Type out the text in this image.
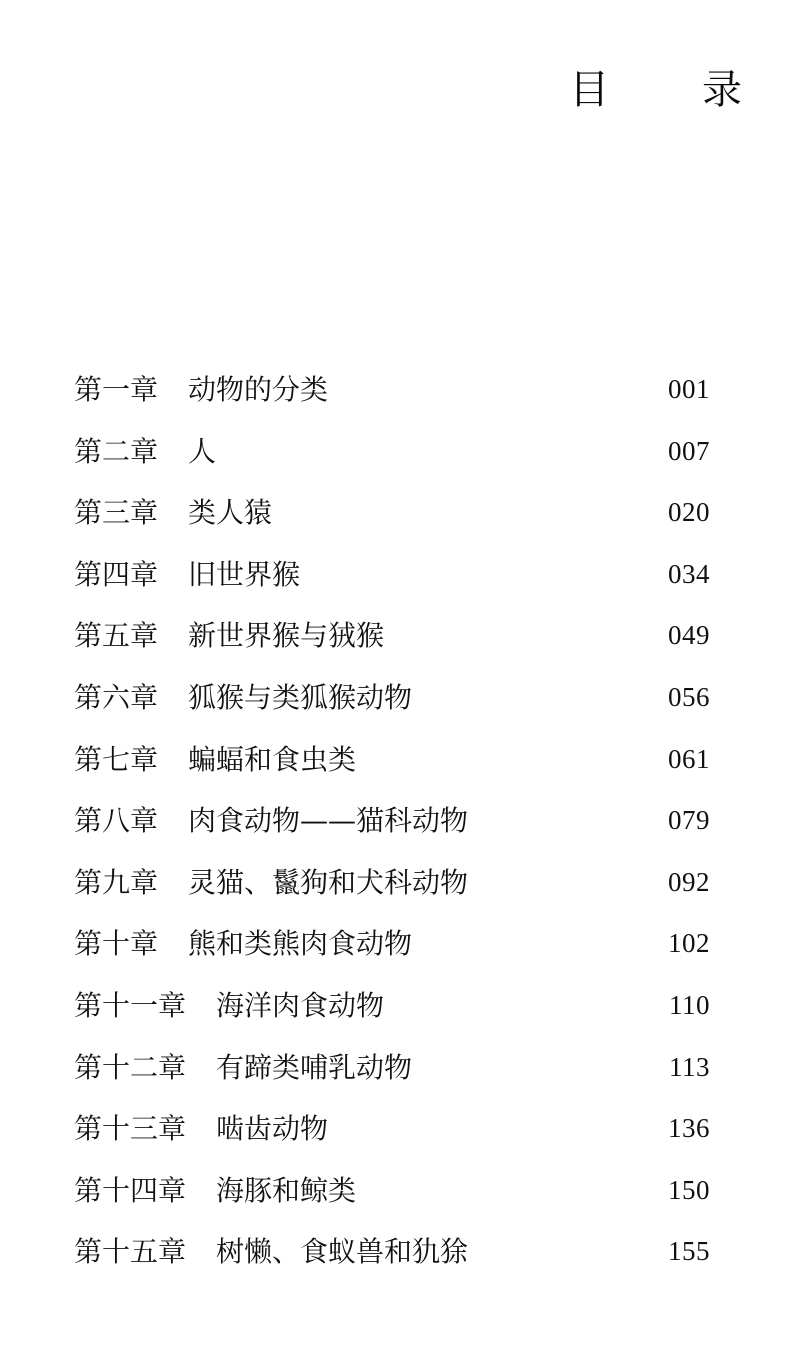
目 录
第一章 动物的分类	001
第二章 人	007
第三章 类人猿	020
第四章 旧世界猴	034
第五章 新世界猴与狨猴	049
第六章 狐猴与类狐猴动物	056
第七章 蝙蝠和食虫类	061
第八章 肉食动物——猫科动物	079
第九章 灵猫、鬣狗和犬科动物	092
第十章 熊和类熊肉食动物	102
第十一章 海洋肉食动物	110
第十二章 有蹄类哺乳动物	113
第十三章 啮齿动物	136
第十四章 海豚和鲸类	150
第十五章 树懒、食蚁兽和犰狳	155
